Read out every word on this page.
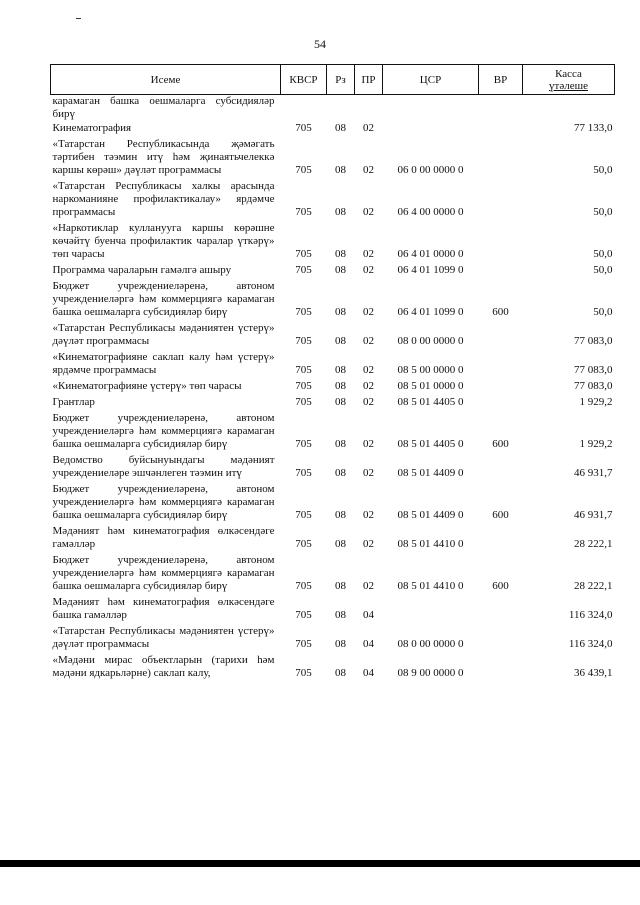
54
Исеме	КВСР	Рз	ПР	ЦСР	ВР	Касса
үтәлеше
карамаган башка оешмаларга субсидияләр бирү						
Кинематография	705	08	02			77 133,0
«Татарстан Республикасында җәмәгать тәртибен тәэмин итү һәм җинаятьчелеккә каршы көрәш» дәүләт программасы	705	08	02	06 0 00 0000 0		50,0
«Татарстан Республикасы халкы арасында наркоманияне профилактикалау» ярдәмче программасы	705	08	02	06 4 00 0000 0		50,0
«Наркотиклар кулланууга каршы көрәшне көчәйтү буенча профилактик чаралар үткәрү» төп чарасы	705	08	02	06 4 01 0000 0		50,0
Программа чараларын гамәлгә ашыру	705	08	02	06 4 01 1099 0		50,0
Бюджет учреждениеләренә, автоном учреждениеләргә һәм коммерциягә карамаган башка оешмаларга субсидияләр бирү	705	08	02	06 4 01 1099 0	600	50,0
«Татарстан Республикасы мәдәниятен үстерү» дәүләт программасы	705	08	02	08 0 00 0000 0		77 083,0
«Кинематографияне саклап калу һәм үстерү» ярдәмче программасы	705	08	02	08 5 00 0000 0		77 083,0
«Кинематографияне үстерү» төп чарасы	705	08	02	08 5 01 0000 0		77 083,0
Грантлар	705	08	02	08 5 01 4405 0		1 929,2
Бюджет учреждениеләренә, автоном учреждениеләргә һәм коммерциягә карамаган башка оешмаларга субсидияләр бирү	705	08	02	08 5 01 4405 0	600	1 929,2
Ведомство буйсынуындагы мәдәният учреждениеләре эшчәнлеген тәэмин итү	705	08	02	08 5 01 4409 0		46 931,7
Бюджет учреждениеләренә, автоном учреждениеләргә һәм коммерциягә карамаган башка оешмаларга субсидияләр бирү	705	08	02	08 5 01 4409 0	600	46 931,7
Мәдәният һәм кинематография өлкәсендәге гамәлләр	705	08	02	08 5 01 4410 0		28 222,1
Бюджет учреждениеләренә, автоном учреждениеләргә һәм коммерциягә карамаган башка оешмаларга субсидияләр бирү	705	08	02	08 5 01 4410 0	600	28 222,1
Мәдәният һәм кинематография өлкәсендәге башка гамәлләр	705	08	04			116 324,0
«Татарстан Республикасы мәдәниятен үстерү» дәүләт программасы	705	08	04	08 0 00 0000 0		116 324,0
«Мәдәни мирас объектларын (тарихи һәм мәдәни ядкарьләрне) саклап калу,	705	08	04	08 9 00 0000 0		36 439,1
